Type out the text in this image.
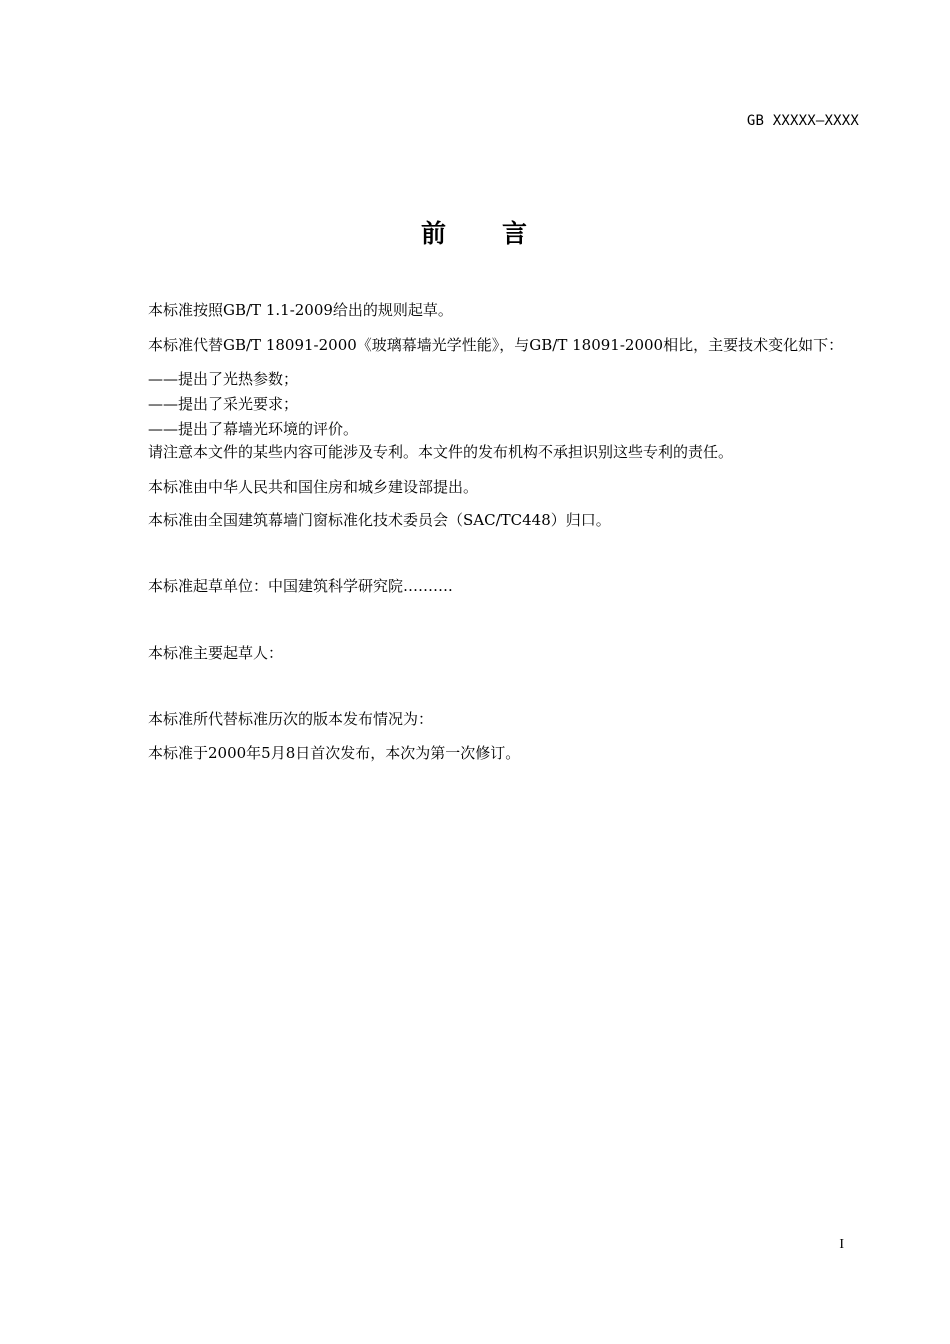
GB XXXXX—XXXX
前　　言
本标准按照GB/T 1.1-2009给出的规则起草。
本标准代替GB/T 18091-2000《玻璃幕墙光学性能》，与GB/T 18091-2000相比，主要技术变化如下：
——提出了光热参数；
——提出了采光要求；
——提出了幕墙光环境的评价。
请注意本文件的某些内容可能涉及专利。本文件的发布机构不承担识别这些专利的责任。
本标准由中华人民共和国住房和城乡建设部提出。
本标准由全国建筑幕墙门窗标准化技术委员会（SAC/TC448）归口。
本标准起草单位：中国建筑科学研究院……….
本标准主要起草人：
本标准所代替标准历次的版本发布情况为：
本标准于2000年5月8日首次发布，本次为第一次修订。
I
